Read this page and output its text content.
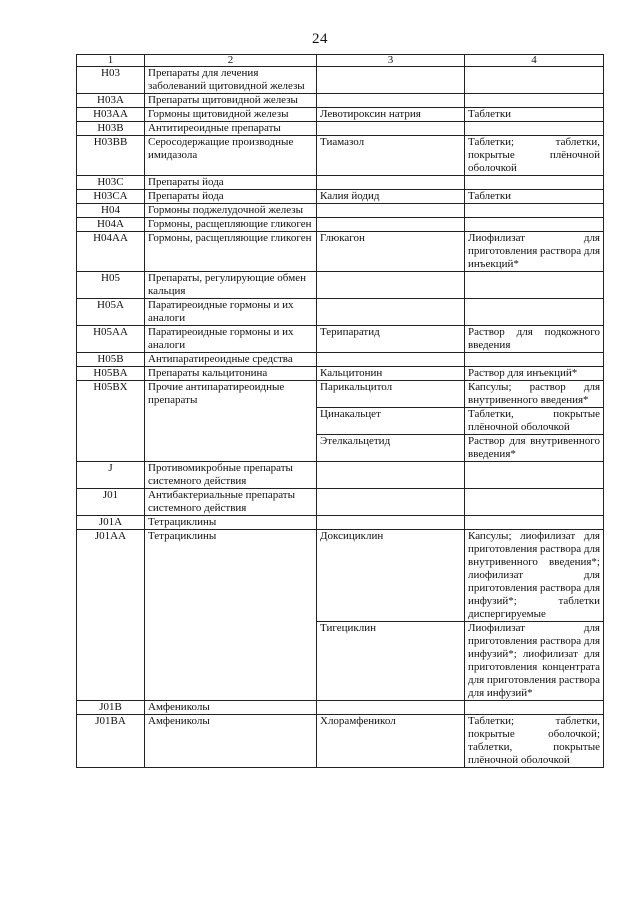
24
1	2	3	4
H03	Препараты для лечения заболеваний щитовидной железы		
H03A	Препараты щитовидной железы		
H03AA	Гормоны щитовидной железы	Левотироксин натрия	Таблетки
H03B	Антитиреоидные препараты		
H03BB	Серосодержащие производные имидазола	Тиамазол	Таблетки; таблетки, покрытые плёночной оболочкой
H03C	Препараты йода		
H03CA	Препараты йода	Калия йодид	Таблетки
H04	Гормоны поджелудочной железы		
H04A	Гормоны, расщепляющие гликоген		
H04AA	Гормоны, расщепляющие гликоген	Глюкагон	Лиофилизат для приготовления раствора для инъекций*
H05	Препараты, регулирующие обмен кальция		
H05A	Паратиреоидные гормоны и их аналоги		
H05AA	Паратиреоидные гормоны и их аналоги	Терипаратид	Раствор для подкожного введения
H05B	Антипаратиреоидные средства		
H05BA	Препараты кальцитонина	Кальцитонин	Раствор для инъекций*
H05BX	Прочие антипаратиреоидные препараты	Парикальцитол	Капсулы; раствор для внутривенного введения*
		Цинакальцет	Таблетки, покрытые плёночной оболочкой
		Этелкальцетид	Раствор для внутривенного введения*
J	Противомикробные препараты системного действия		
J01	Антибактериальные препараты системного действия		
J01A	Тетрациклины		
J01AA	Тетрациклины	Доксициклин	Капсулы; лиофилизат для приготовления раствора для внутривенного введения*; лиофилизат для приготовления раствора для инфузий*; таблетки диспергируемые
		Тигециклин	Лиофилизат для приготовления раствора для инфузий*; лиофилизат для приготовления концентрата для приготовления раствора для инфузий*
J01B	Амфениколы		
J01BA	Амфениколы	Хлорамфеникол	Таблетки; таблетки, покрытые оболочкой; таблетки, покрытые плёночной оболочкой
